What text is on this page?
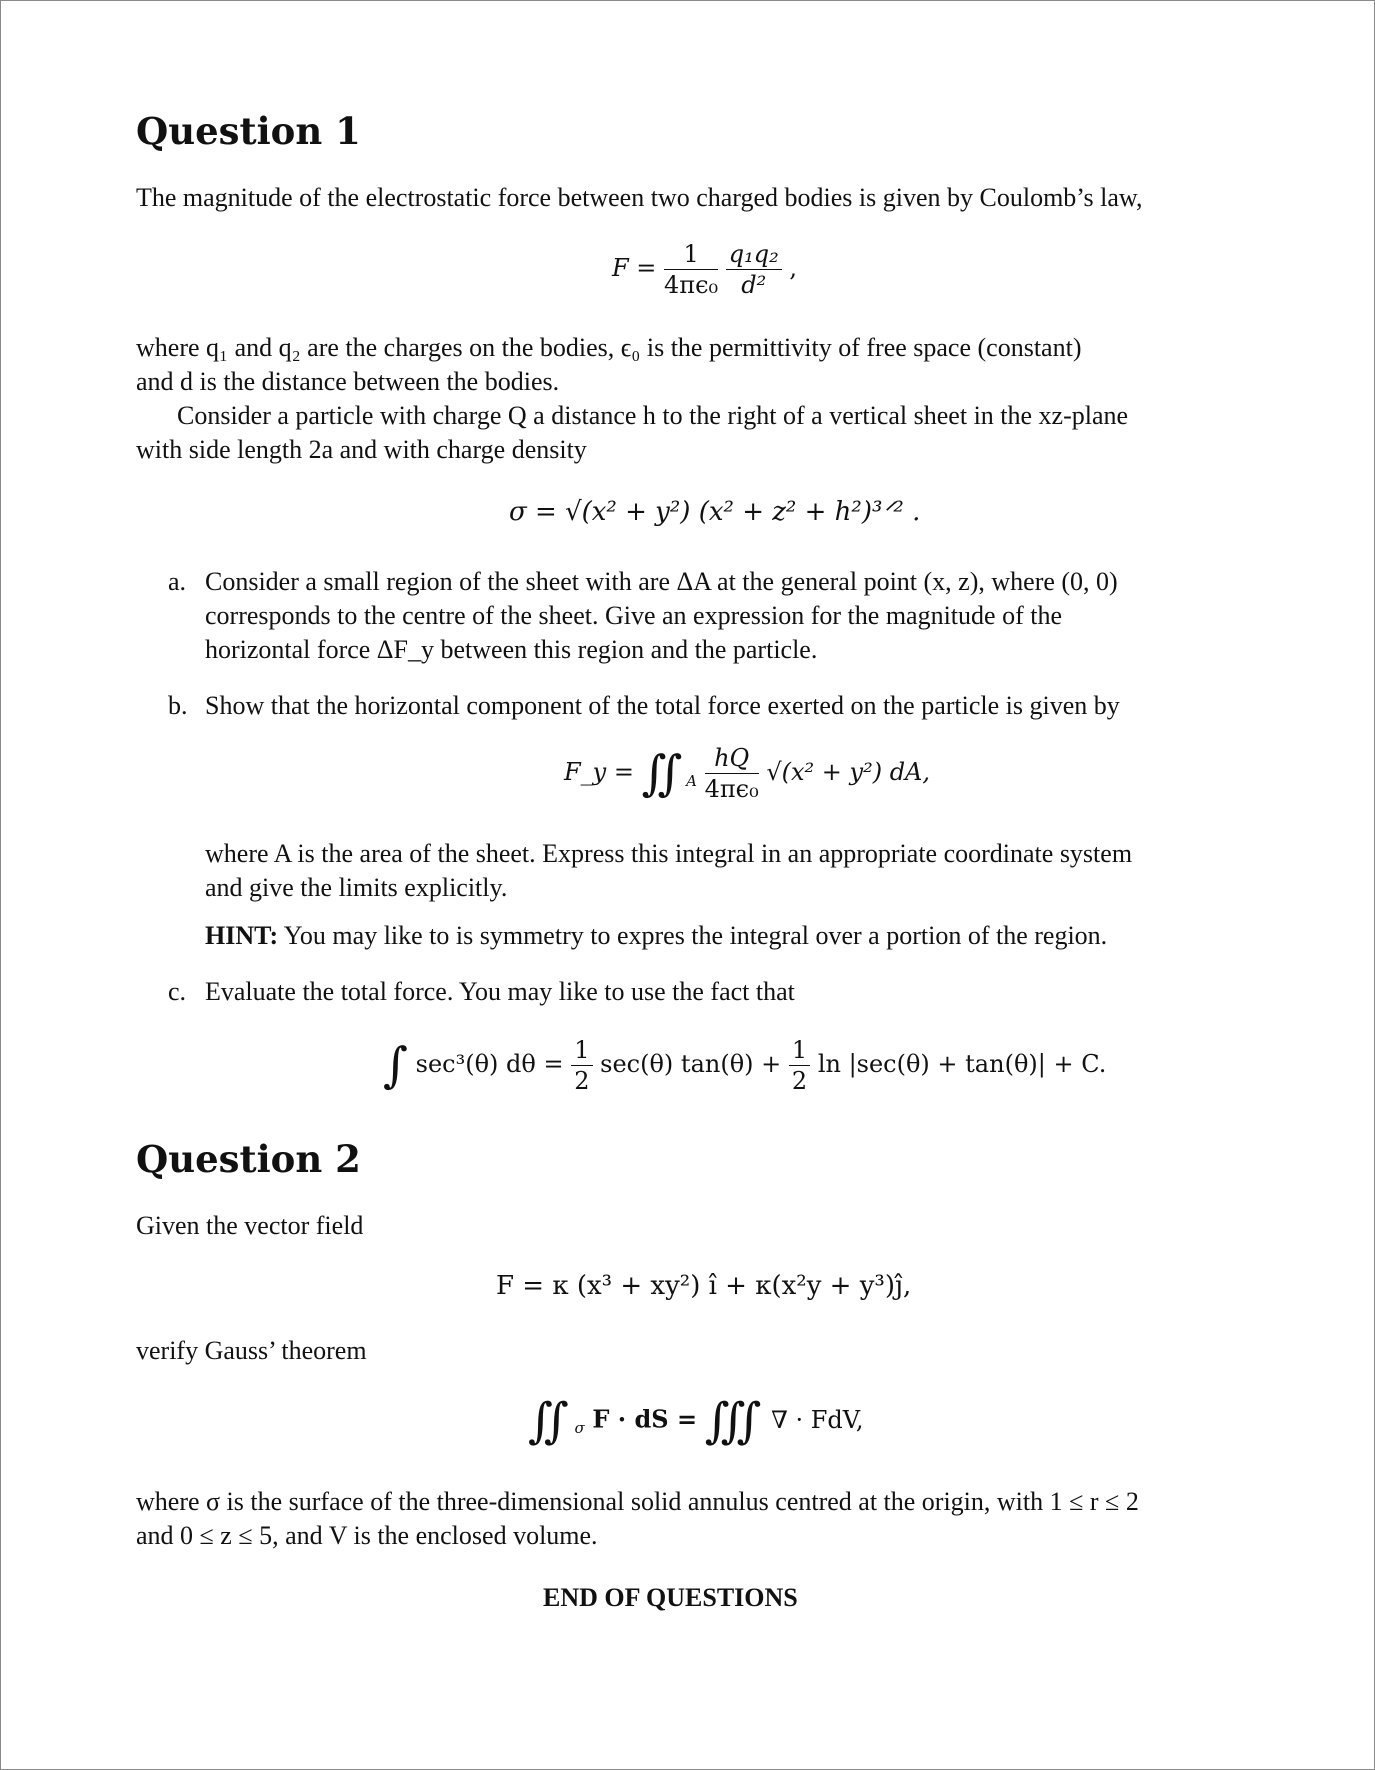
Question 1
The magnitude of the electrostatic force between two charged bodies is given by Coulomb’s law,
$F = \frac{1}{\text{4πϵ₀}}$
$\frac{\text{q₁q₂}}{\text{d²}}$ ,
where q₁ and q₂ are the charges on the bodies, ϵ₀ is the permittivity of free space (constant)
and d is the distance between the bodies.
Consider a particle with charge Q a distance h to the right of a vertical sheet in the xz-plane
with side length 2a and with charge density
σ = √(x² + y²) (x² + z² + h²)³ᐟ² .
a. Consider a small region of the sheet with are ΔA at the general point (x, z), where (0, 0)
corresponds to the centre of the sheet. Give an expression for the magnitude of the
horizontal force ΔF_y between this region and the particle.
b. Show that the horizontal component of the total force exerted on the particle is given by
F_y = ∬ $_A \frac{hQ}{\text{4πϵ₀}} √(x^2 + y^2)$ dA,
where A is the area of the sheet. Express this integral in an appropriate coordinate system
and give the limits explicitly.
HINT: You may like to is symmetry to expres the integral over a portion of the region.
c. Evaluate the total force. You may like to use the fact that
∫ sec³(θ) $d\theta = \frac{1}{2} \sec(\theta) \tan(\theta) + \frac{1}{2}$ ln |sec(θ) + tan(θ)| + C.
Question 2
Given the vector field
F = κ (x³ + xy²) î + κ(x²y + y³)ĵ,
verify Gauss’ theorem
∬ $_\sigma$ F · dS = ∭ ∇ · FdV,
where σ is the surface of the three-dimensional solid annulus centred at the origin, with 1 ≤ r ≤ 2
and 0 ≤ z ≤ 5, and V is the enclosed volume.
END OF QUESTIONS
